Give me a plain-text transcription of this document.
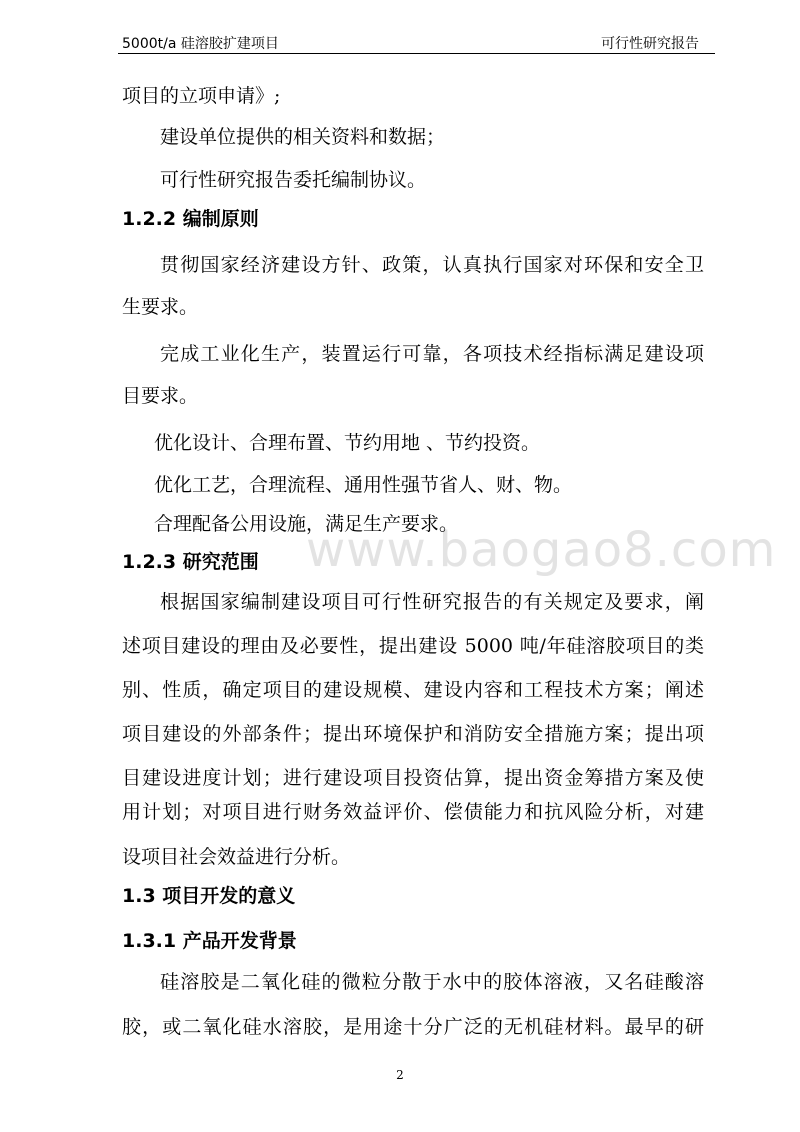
5000t/a 硅溶胶扩建项目	可行性研究报告
www.baogao8.com
项目的立项申请》;
建设单位提供的相关资料和数据；
可行性研究报告委托编制协议。
1.2.2 编制原则
贯彻国家经济建设方针、政策，认真执行国家对环保和安全卫
生要求。
完成工业化生产，装置运行可靠，各项技术经指标满足建设项
目要求。
优化设计、合理布置、节约用地 、节约投资。
优化工艺，合理流程、通用性强节省人、财、物。
合理配备公用设施，满足生产要求。
1.2.3 研究范围
根据国家编制建设项目可行性研究报告的有关规定及要求，阐
述项目建设的理由及必要性，提出建设 5000 吨/年硅溶胶项目的类
别、性质，确定项目的建设规模、建设内容和工程技术方案；阐述
项目建设的外部条件；提出环境保护和消防安全措施方案；提出项
目建设进度计划；进行建设项目投资估算，提出资金筹措方案及使
用计划；对项目进行财务效益评价、偿债能力和抗风险分析，对建
设项目社会效益进行分析。
1.3 项目开发的意义
1.3.1 产品开发背景
硅溶胶是二氧化硅的微粒分散于水中的胶体溶液，又名硅酸溶
胶，或二氧化硅水溶胶，是用途十分广泛的无机硅材料。最早的研
2
